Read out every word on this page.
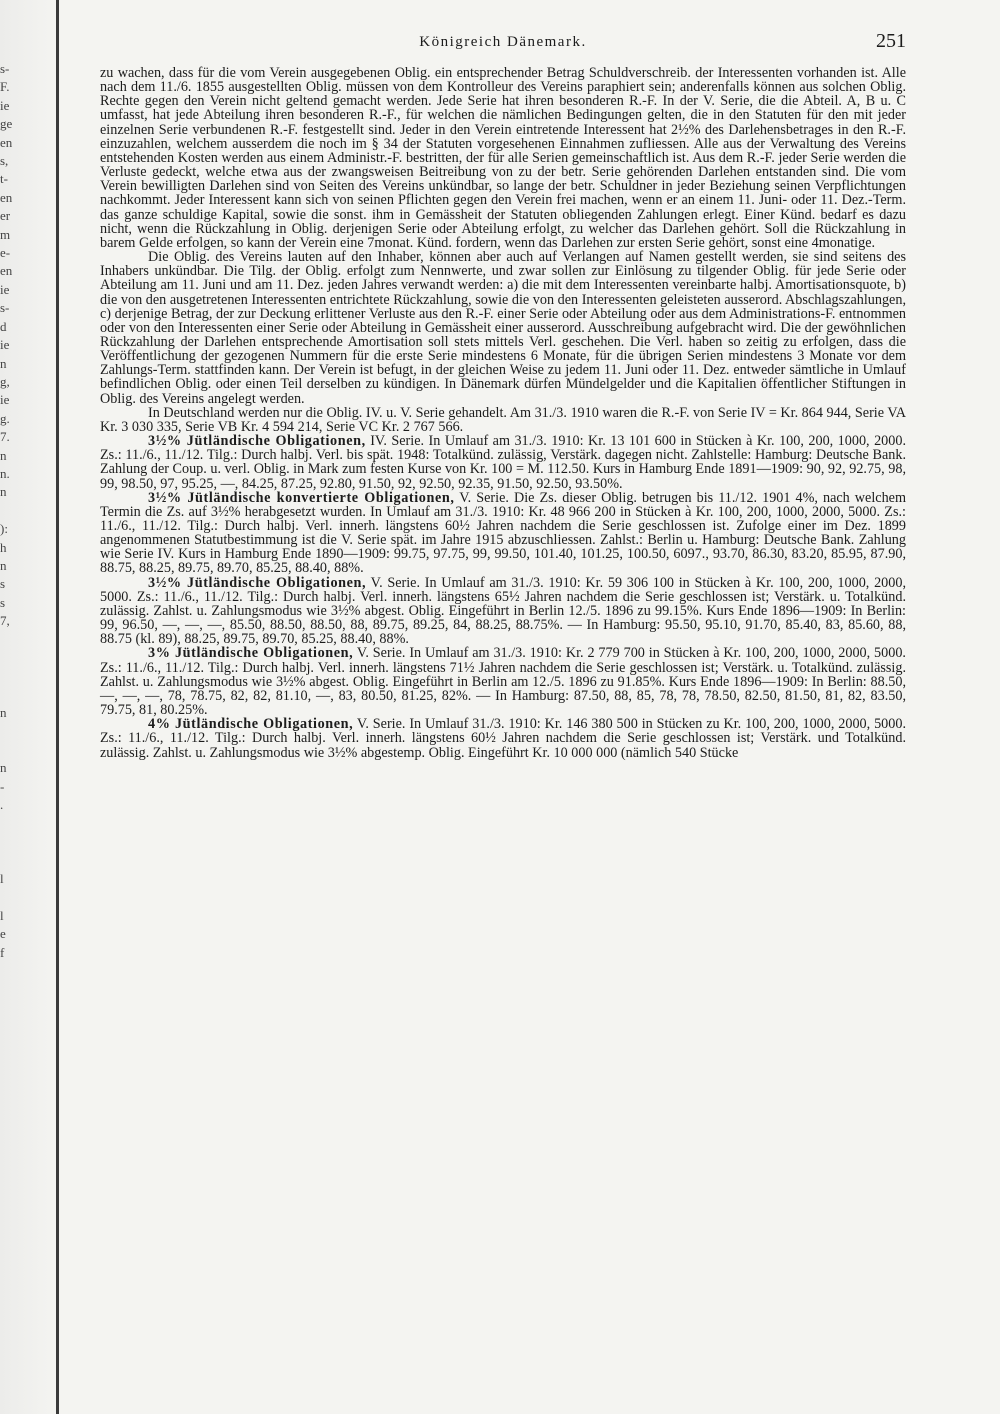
s-
F.
ie
ge
en
s,
t-
en
er
m
e-
en
ie
s-
d
ie
n
g,
ie
g.
7.
n
n.
n

):
h
n
s
s
7,

n

n
-
.

l

l
e
f

Königreich Dänemark.	251

zu wachen, dass für die vom Verein ausgegebenen Oblig. ein entsprechender Betrag Schuldverschreib. der Interessenten vorhanden ist. Alle nach dem 11./6. 1855 ausgestellten Oblig. müssen von dem Kontrolleur des Vereins paraphiert sein; anderenfalls können aus solchen Oblig. Rechte gegen den Verein nicht geltend gemacht werden. Jede Serie hat ihren besonderen R.-F. In der V. Serie, die die Abteil. A, B u. C umfasst, hat jede Abteilung ihren besonderen R.-F., für welchen die nämlichen Bedingungen gelten, die in den Statuten für den mit jeder einzelnen Serie verbundenen R.-F. festgestellt sind. Jeder in den Verein eintretende Interessent hat 2½% des Darlehensbetrages in den R.-F. einzuzahlen, welchem ausserdem die noch im § 34 der Statuten vorgesehenen Einnahmen zufliessen. Alle aus der Verwaltung des Vereins entstehenden Kosten werden aus einem Administr.-F. bestritten, der für alle Serien gemeinschaftlich ist. Aus dem R.-F. jeder Serie werden die Verluste gedeckt, welche etwa aus der zwangsweisen Beitreibung von zu der betr. Serie gehörenden Darlehen entstanden sind. Die vom Verein bewilligten Darlehen sind von Seiten des Vereins unkündbar, so lange der betr. Schuldner in jeder Beziehung seinen Verpflichtungen nachkommt. Jeder Interessent kann sich von seinen Pflichten gegen den Verein frei machen, wenn er an einem 11. Juni- oder 11. Dez.-Term. das ganze schuldige Kapital, sowie die sonst. ihm in Gemässheit der Statuten obliegenden Zahlungen erlegt. Einer Künd. bedarf es dazu nicht, wenn die Rückzahlung in Oblig. derjenigen Serie oder Abteilung erfolgt, zu welcher das Darlehen gehört. Soll die Rückzahlung in barem Gelde erfolgen, so kann der Verein eine 7monat. Künd. fordern, wenn das Darlehen zur ersten Serie gehört, sonst eine 4monatige.

Die Oblig. des Vereins lauten auf den Inhaber, können aber auch auf Verlangen auf Namen gestellt werden, sie sind seitens des Inhabers unkündbar. Die Tilg. der Oblig. erfolgt zum Nennwerte, und zwar sollen zur Einlösung zu tilgender Oblig. für jede Serie oder Abteilung am 11. Juni und am 11. Dez. jeden Jahres verwandt werden: a) die mit dem Interessenten vereinbarte halbj. Amortisationsquote, b) die von den ausgetretenen Interessenten entrichtete Rückzahlung, sowie die von den Interessenten geleisteten ausserord. Abschlagszahlungen, c) derjenige Betrag, der zur Deckung erlittener Verluste aus den R.-F. einer Serie oder Abteilung oder aus dem Administrations-F. entnommen oder von den Interessenten einer Serie oder Abteilung in Gemässheit einer ausserord. Ausschreibung aufgebracht wird. Die der gewöhnlichen Rückzahlung der Darlehen entsprechende Amortisation soll stets mittels Verl. geschehen. Die Verl. haben so zeitig zu erfolgen, dass die Veröffentlichung der gezogenen Nummern für die erste Serie mindestens 6 Monate, für die übrigen Serien mindestens 3 Monate vor dem Zahlungs-Term. stattfinden kann. Der Verein ist befugt, in der gleichen Weise zu jedem 11. Juni oder 11. Dez. entweder sämtliche in Umlauf befindlichen Oblig. oder einen Teil derselben zu kündigen. In Dänemark dürfen Mündelgelder und die Kapitalien öffentlicher Stiftungen in Oblig. des Vereins angelegt werden.

In Deutschland werden nur die Oblig. IV. u. V. Serie gehandelt. Am 31./3. 1910 waren die R.-F. von Serie IV = Kr. 864 944, Serie VA Kr. 3 030 335, Serie VB Kr. 4 594 214, Serie VC Kr. 2 767 566.

3½% Jütländische Obligationen, IV. Serie. In Umlauf am 31./3. 1910: Kr. 13 101 600 in Stücken à Kr. 100, 200, 1000, 2000. Zs.: 11./6., 11./12. Tilg.: Durch halbj. Verl. bis spät. 1948: Totalkünd. zulässig, Verstärk. dagegen nicht. Zahlstelle: Hamburg: Deutsche Bank. Zahlung der Coup. u. verl. Oblig. in Mark zum festen Kurse von Kr. 100 = M. 112.50. Kurs in Hamburg Ende 1891—1909: 90, 92, 92.75, 98, 99, 98.50, 97, 95.25, —, 84.25, 87.25, 92.80, 91.50, 92, 92.50, 92.35, 91.50, 92.50, 93.50%.

3½% Jütländische konvertierte Obligationen, V. Serie. Die Zs. dieser Oblig. betrugen bis 11./12. 1901 4%, nach welchem Termin die Zs. auf 3½% herabgesetzt wurden. In Umlauf am 31./3. 1910: Kr. 48 966 200 in Stücken à Kr. 100, 200, 1000, 2000, 5000. Zs.: 11./6., 11./12. Tilg.: Durch halbj. Verl. innerh. längstens 60½ Jahren nachdem die Serie geschlossen ist. Zufolge einer im Dez. 1899 angenommenen Statutbestimmung ist die V. Serie spät. im Jahre 1915 abzuschliessen. Zahlst.: Berlin u. Hamburg: Deutsche Bank. Zahlung wie Serie IV. Kurs in Hamburg Ende 1890—1909: 99.75, 97.75, 99, 99.50, 101.40, 101.25, 100.50, 6097., 93.70, 86.30, 83.20, 85.95, 87.90, 88.75, 88.25, 89.75, 89.70, 85.25, 88.40, 88%.

3½% Jütländische Obligationen, V. Serie. In Umlauf am 31./3. 1910: Kr. 59 306 100 in Stücken à Kr. 100, 200, 1000, 2000, 5000. Zs.: 11./6., 11./12. Tilg.: Durch halbj. Verl. innerh. längstens 65½ Jahren nachdem die Serie geschlossen ist; Verstärk. u. Totalkünd. zulässig. Zahlst. u. Zahlungsmodus wie 3½% abgest. Oblig. Eingeführt in Berlin 12./5. 1896 zu 99.15%. Kurs Ende 1896—1909: In Berlin: 99, 96.50, —, —, —, 85.50, 88.50, 88.50, 88, 89.75, 89.25, 84, 88.25, 88.75%. — In Hamburg: 95.50, 95.10, 91.70, 85.40, 83, 85.60, 88, 88.75 (kl. 89), 88.25, 89.75, 89.70, 85.25, 88.40, 88%.

3% Jütländische Obligationen, V. Serie. In Umlauf am 31./3. 1910: Kr. 2 779 700 in Stücken à Kr. 100, 200, 1000, 2000, 5000. Zs.: 11./6., 11./12. Tilg.: Durch halbj. Verl. innerh. längstens 71½ Jahren nachdem die Serie geschlossen ist; Verstärk. u. Totalkünd. zulässig. Zahlst. u. Zahlungsmodus wie 3½% abgest. Oblig. Eingeführt in Berlin am 12./5. 1896 zu 91.85%. Kurs Ende 1896—1909: In Berlin: 88.50, —, —, —, 78, 78.75, 82, 82, 81.10, —, 83, 80.50, 81.25, 82%. — In Hamburg: 87.50, 88, 85, 78, 78, 78.50, 82.50, 81.50, 81, 82, 83.50, 79.75, 81, 80.25%.

4% Jütländische Obligationen, V. Serie. In Umlauf 31./3. 1910: Kr. 146 380 500 in Stücken zu Kr. 100, 200, 1000, 2000, 5000. Zs.: 11./6., 11./12. Tilg.: Durch halbj. Verl. innerh. längstens 60½ Jahren nachdem die Serie geschlossen ist; Verstärk. und Totalkünd. zulässig. Zahlst. u. Zahlungsmodus wie 3½% abgestemp. Oblig. Eingeführt Kr. 10 000 000 (nämlich 540 Stücke
